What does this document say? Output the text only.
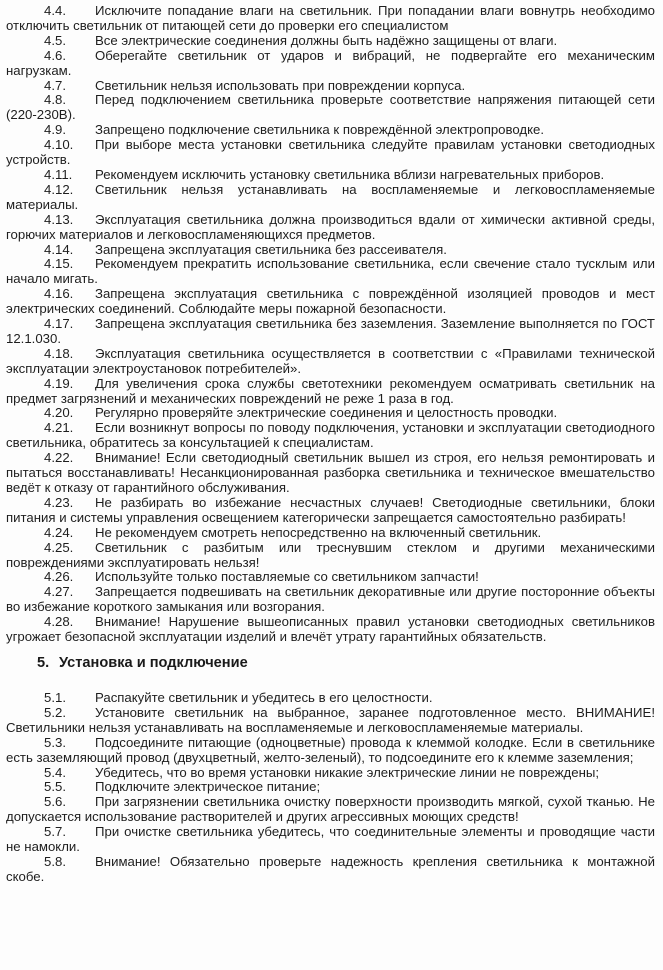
4.4. Исключите попадание влаги на светильник. При попадании влаги вовнутрь необходимо отключить светильник от питающей сети до проверки его специалистом

4.5. Все электрические соединения должны быть надёжно защищены от влаги.

4.6. Оберегайте светильник от ударов и вибраций, не подвергайте его механическим нагрузкам.

4.7. Светильник нельзя использовать при повреждении корпуса.

4.8. Перед подключением светильника проверьте соответствие напряжения питающей сети (220-230В).

4.9. Запрещено подключение светильника к повреждённой электропроводке.

4.10. При выборе места установки светильника следуйте правилам установки светодиодных устройств.

4.11. Рекомендуем исключить установку светильника вблизи нагревательных приборов.

4.12. Светильник нельзя устанавливать на воспламеняемые и легковоспламеняемые материалы.

4.13. Эксплуатация светильника должна производиться вдали от химически активной среды, горючих материалов и легковоспламеняющихся предметов.

4.14. Запрещена эксплуатация светильника без рассеивателя.

4.15. Рекомендуем прекратить использование светильника, если свечение стало тусклым или начало мигать.

4.16. Запрещена эксплуатация светильника с повреждённой изоляцией проводов и мест электрических соединений. Соблюдайте меры пожарной безопасности.

4.17. Запрещена эксплуатация светильника без заземления. Заземление выполняется по ГОСТ 12.1.030.

4.18. Эксплуатация светильника осуществляется в соответствии с «Правилами технической эксплуатации электроустановок потребителей».

4.19. Для увеличения срока службы светотехники рекомендуем осматривать светильник на предмет загрязнений и механических повреждений не реже 1 раза в год.

4.20. Регулярно проверяйте электрические соединения и целостность проводки.

4.21. Если возникнут вопросы по поводу подключения, установки и эксплуатации светодиодного светильника, обратитесь за консультацией к специалистам.

4.22. Внимание! Если светодиодный светильник вышел из строя, его нельзя ремонтировать и пытаться восстанавливать! Несанкционированная разборка светильника и техническое вмешательство ведёт к отказу от гарантийного обслуживания.

4.23. Не разбирать во избежание несчастных случаев! Светодиодные светильники, блоки питания и системы управления освещением категорически запрещается самостоятельно разбирать!

4.24. Не рекомендуем смотреть непосредственно на включенный светильник.

4.25. Светильник с разбитым или треснувшим стеклом и другими механическими повреждениями эксплуатировать нельзя!

4.26. Используйте только поставляемые со светильником запчасти!

4.27. Запрещается подвешивать на светильник декоративные или другие посторонние объекты во избежание короткого замыкания или возгорания.

4.28. Внимание! Нарушение вышеописанных правил установки светодиодных светильников угрожает безопасной эксплуатации изделий и влечёт утрату гарантийных обязательств.

5. Установка и подключение

5.1. Распакуйте светильник и убедитесь в его целостности.

5.2. Установите светильник на выбранное, заранее подготовленное место. ВНИМАНИЕ! Светильники нельзя устанавливать на воспламеняемые и легковоспламеняемые материалы.

5.3. Подсоедините питающие (одноцветные) провода к клеммой колодке. Если в светильнике есть заземляющий провод (двухцветный, желто-зеленый), то подсоедините его к клемме заземления;

5.4. Убедитесь, что во время установки никакие электрические линии не повреждены;

5.5. Подключите электрическое питание;

5.6. При загрязнении светильника очистку поверхности производить мягкой, сухой тканью. Не допускается использование растворителей и других агрессивных моющих средств!

5.7. При очистке светильника убедитесь, что соединительные элементы и проводящие части не намокли.

5.8. Внимание! Обязательно проверьте надежность крепления светильника к монтажной скобе.
